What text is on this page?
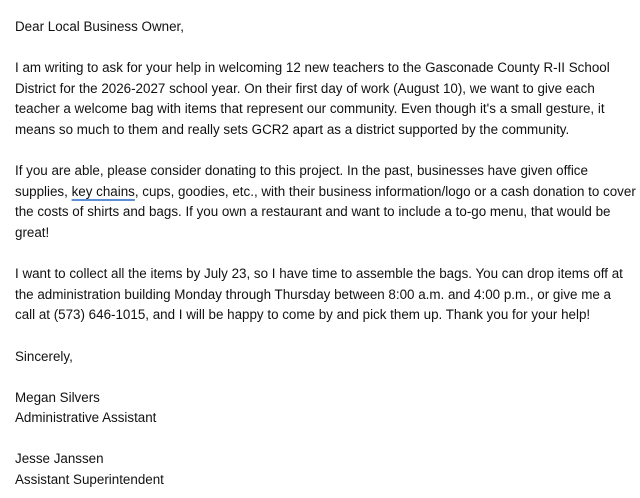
Dear Local Business Owner,

I am writing to ask for your help in welcoming 12 new teachers to the Gasconade County R-II School
District for the 2026-2027 school year. On their first day of work (August 10), we want to give each
teacher a welcome bag with items that represent our community. Even though it's a small gesture, it
means so much to them and really sets GCR2 apart as a district supported by the community.

If you are able, please consider donating to this project. In the past, businesses have given office
supplies, key chains, cups, goodies, etc., with their business information/logo or a cash donation to cover
the costs of shirts and bags. If you own a restaurant and want to include a to-go menu, that would be
great!

I want to collect all the items by July 23, so I have time to assemble the bags. You can drop items off at
the administration building Monday through Thursday between 8:00 a.m. and 4:00 p.m., or give me a
call at (573) 646-1015, and I will be happy to come by and pick them up. Thank you for your help!

Sincerely,

Megan Silvers
Administrative Assistant

Jesse Janssen
Assistant Superintendent
